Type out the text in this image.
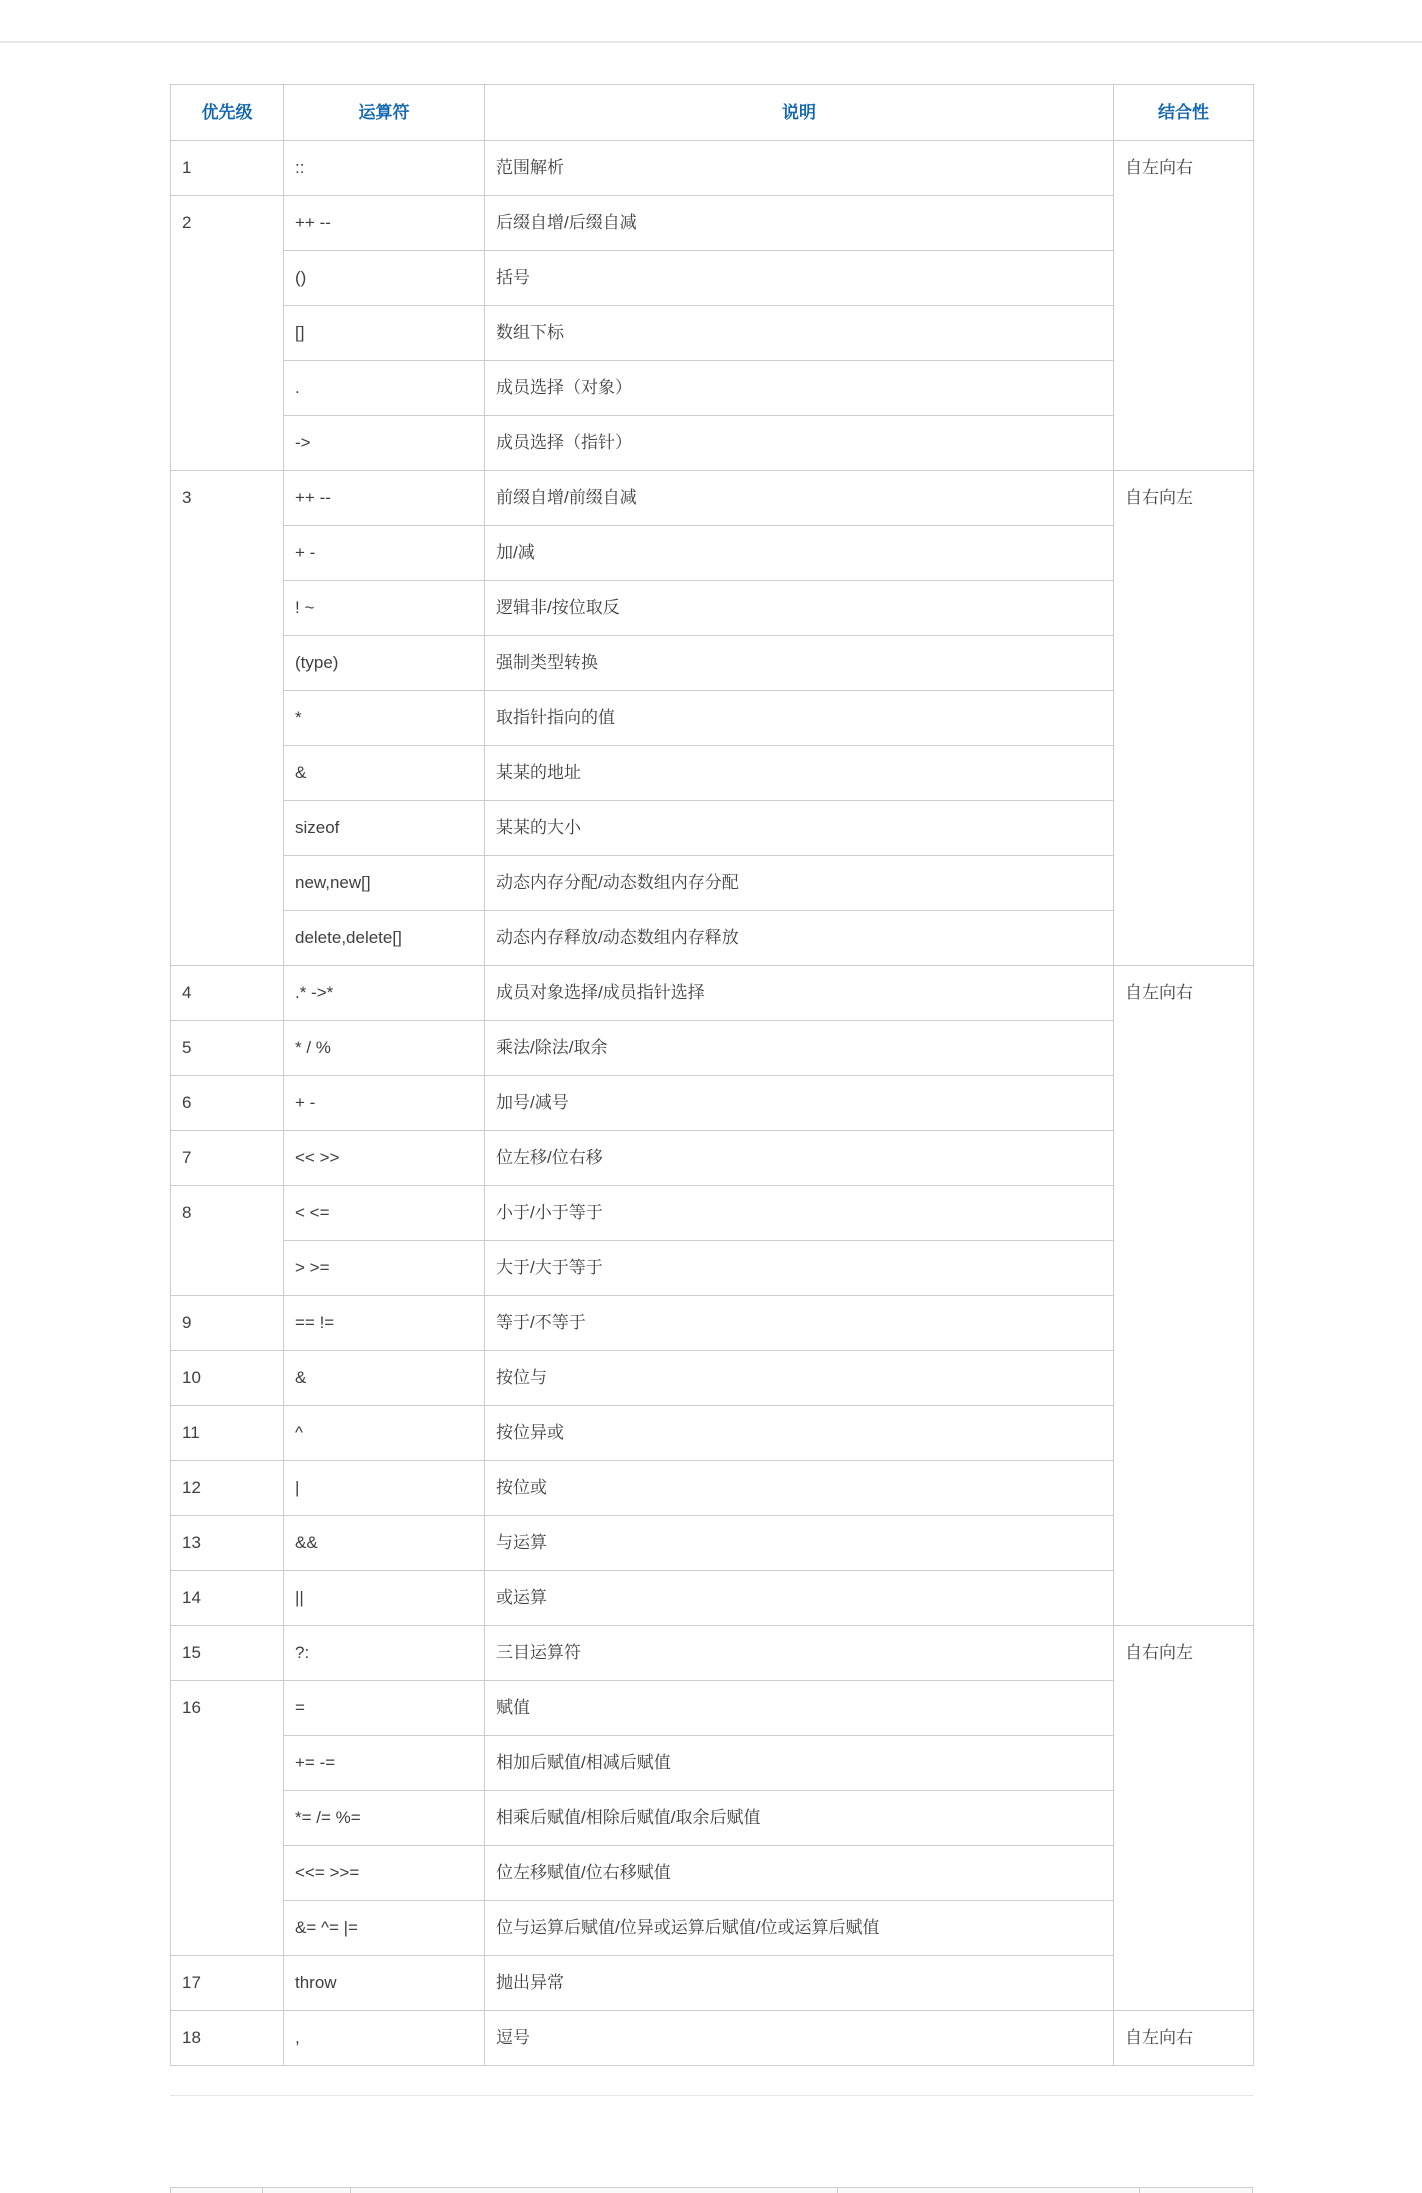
优先级	运算符	说明	结合性
1	::	范围解析	自左向右
2	++ --	后缀自增/后缀自减	
	()	括号	
	[]	数组下标	
	.	成员选择（对象）	
	->	成员选择（指针）	
3	++ --	前缀自增/前缀自减	自右向左
	+ -	加/减	
	! ~	逻辑非/按位取反	
	(type)	强制类型转换	
	*	取指针指向的值	
	&	某某的地址	
	sizeof	某某的大小	
	new,new[]	动态内存分配/动态数组内存分配	
	delete,delete[]	动态内存释放/动态数组内存释放	
4	.* ->*	成员对象选择/成员指针选择	自左向右
5	* / %	乘法/除法/取余	
6	+ -	加号/减号	
7	<< >>	位左移/位右移	
8	< <=	小于/小于等于	
	> >=	大于/大于等于	
9	== !=	等于/不等于	
10	&	按位与	
11	^	按位异或	
12	|	按位或	
13	&&	与运算	
14	||	或运算	
15	?:	三目运算符	自右向左
16	=	赋值	
	+= -=	相加后赋值/相减后赋值	
	*= /= %=	相乘后赋值/相除后赋值/取余后赋值	
	<<= >>=	位左移赋值/位右移赋值	
	&= ^= |=	位与运算后赋值/位异或运算后赋值/位或运算后赋值	
17	throw	抛出异常	
18	,	逗号	自左向右
